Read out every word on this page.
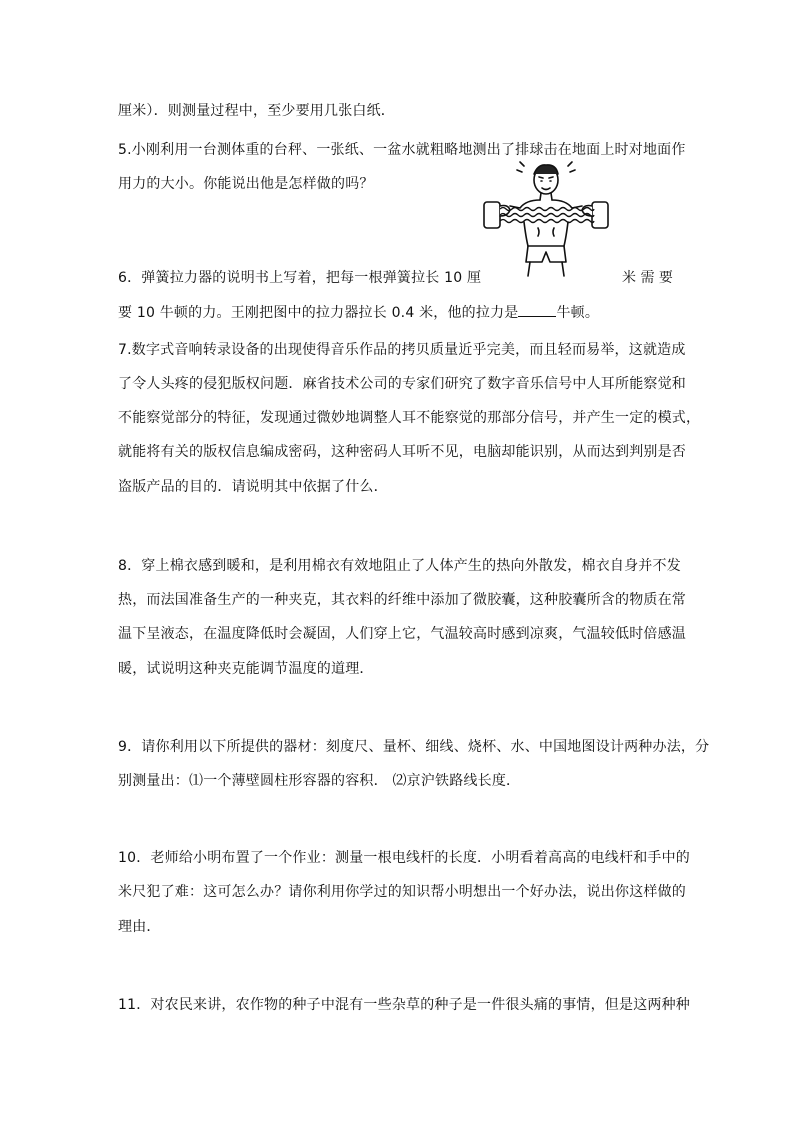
厘米）．则测量过程中，至少要用几张白纸．
5.小刚利用一台测体重的台秤、一张纸、一盆水就粗略地测出了排球击在地面上时对地面作
用力的大小。你能说出他是怎样做的吗？
6．弹簧拉力器的说明书上写着，把每一根弹簧拉长 10 厘	米 需 要
要 10 牛顿的力。王刚把图中的拉力器拉长 0.4 米，他的拉力是	牛顿。
7.数字式音响转录设备的出现使得音乐作品的拷贝质量近乎完美，而且轻而易举，这就造成
了令人头疼的侵犯版权问题．麻省技术公司的专家们研究了数字音乐信号中人耳所能察觉和
不能察觉部分的特征，发现通过微妙地调整人耳不能察觉的那部分信号，并产生一定的模式，
就能将有关的版权信息编成密码，这种密码人耳听不见，电脑却能识别，从而达到判别是否
盗版产品的目的．请说明其中依据了什么．
8．穿上棉衣感到暖和，是利用棉衣有效地阻止了人体产生的热向外散发，棉衣自身并不发
热，而法国准备生产的一种夹克，其衣料的纤维中添加了微胶囊，这种胶囊所含的物质在常
温下呈液态，在温度降低时会凝固，人们穿上它，气温较高时感到凉爽，气温较低时倍感温
暖，试说明这种夹克能调节温度的道理．
9．请你利用以下所提供的器材：刻度尺、量杯、细线、烧杯、水、中国地图设计两种办法，分
别测量出：⑴一个薄壁圆柱形容器的容积． ⑵京沪铁路线长度．
10．老师给小明布置了一个作业：测量一根电线杆的长度．小明看着高高的电线杆和手中的
米尺犯了难：这可怎么办？请你利用你学过的知识帮小明想出一个好办法，说出你这样做的
理由．
11．对农民来讲，农作物的种子中混有一些杂草的种子是一件很头痛的事情，但是这两种种
